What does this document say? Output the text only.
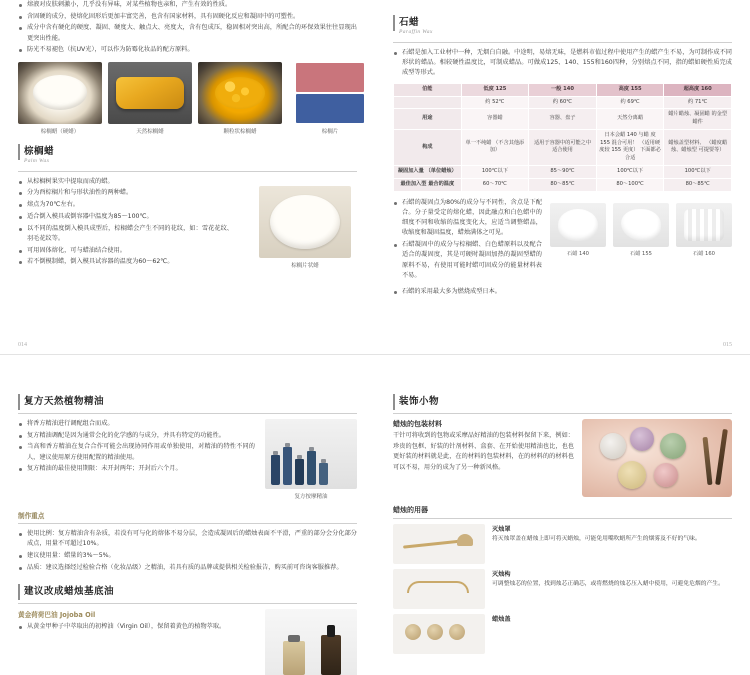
熔液对皮肤刺激小，几乎没有异味，对某些植物也亲和，产生有效的性质。
含固硬的成分，使熔化固形后更加丰富完善，也含有国家材料，具有固硬化反应和凝固中的可塑性。
成分中含有硬化的硬度、凝固、硬度大、触点大、亮度大，含有包成压，稳固相对突出高，所配合的环保效果往往显现出更突出性能。
防光不易褪色（抗UV光），可以作为防霉化妆品的配方原料。
棕榈蜡（硬蜡）	天然棕榈蜡	颗粒状棕榈蜡	棕榈片
棕榈蜡
Palm Wax
从棕榈树果实中提取而成的蜡。
分为酉棕榈片和与形状油性的两种蜡。
熔点为70℃左右。
适合倒入模具或倒容器中温度为85～100℃。
以不同的温度倒入模具成型后，棕榈蜡会产生不同的花纹，如：雪花花纹、羽毛花纹等。
可用固体熔化，可与蜡油结合使用。
若不倒模制蜡，倒入模具试容器的温度为60～62℃。
棕榈片状蜡
014
石蜡
Paraffin Wax
石蜡是加入工业材中一种，无烟白自融。中途明，易熔无味，是燃料市值过程中使用产生的蜡产生不易，为可制作成不同形状的蜡品。相较硬性温度比，可制成蜡品。可做成125、140、155和160四种，分别熔点不同，指的蜡如硬性质完成成型等形式。
伯能	低度 125	一般 140	高度 155	超高度 160
	约 52℃	约 60℃	约 69℃	约 71℃
用途	容器蜡	容器、盘子	天然分离蜡	蜡片蜡烛、凝固蜡 的金型蜡件
构成	单一不纯蜡 （不含其他添加）	适用于容器中的可能之中 适合使用	日本会蜡 140 与蜡 度 155 混合可用！ （适用硬度较 155 更度） 下面都必合适	蜡烛盖型材料、 （蜡度蜡烛、蜡烛型 可提要等）
凝固加入量 （单位蜡烛）	100℃以下	85～90℃	100℃以下	100℃以下
最佳加入型 最合的温度	60～70℃	80～85℃	80～100℃	80～85℃
石蜡的凝固点为80%的成分与不同性，含点是下配合。分子量受定的熔化蜡，因此融点和白色蜡中的细度不同和收缩的温度变化大，应适当调整蜡品，收缩度和凝固温度，蜡烛满体之可见。
石蜡凝固中的成分与棕榈蜡、白色蜡原料以及配合适合的凝固度，其是可硬时凝固加热的凝固型蜡的原料不易，有使用可能时蜡可固成分的能量材料表不易。
石蜡 140	石蜡 155	石蜡 160
石蜡的采用最大多为燃烧成型日本。
015
复方天然植物精油
将香方精油进行调配组合而成。
复方精油调配是因为通常会化的化学感的与成分，并具有特定的功能性。
当高和香方精油在复合合作可能会出现协同作用或单独使用，对精油的特性不同的人，建议使用原方使用配置的精油使用。
复方精油的最佳使用期限：未开封两年；开封后六个月。
复方按摩精油
制作重点
使用比例：复方精油含有杂质，若没有可与化的熔体不易分层，会造成凝固后的蜡烛表面不平滑，严重的部分会分化部分成点，用量不可超过10%。
建议使用量：蜡量的3%～5%。
品质：建议选择经过检验合格（化妆品级）之精油，若具有质的品牌或提供相关检验报告，购买前可咨询客服推荐。
建议改成蜡烛基底油
黄金荷荷巴油 Jojoba Oil
从黄金甲种子中萃取出的初榨油（Virgin Oil），保留着黄色的植物萃取。
装饰小物
蜡烛的包装材料

干针可将收到的包物或采摩品好精油的包装材料保留下来，例如：珍贵的包框、好装的针剂材料、盒套、在开始使用精油也比，也也更好装的材料就是此，在的材料的包装材料，在的材料的的材料也可以不易，用分的成为了另一种新风格。

蜡烛的用器
灭烛罩
将灭烛罩盖在蜡烛上即可将灭蜡烛，可能免用嘴吹蜡所产生的烟雾及不好的气味。
灭烛构
可调整烛芯的位置，找到烛芯正确芯，或将燃烧的烛芯压入蜡中使用，可避免危烟的产生。
蜡烛盖
